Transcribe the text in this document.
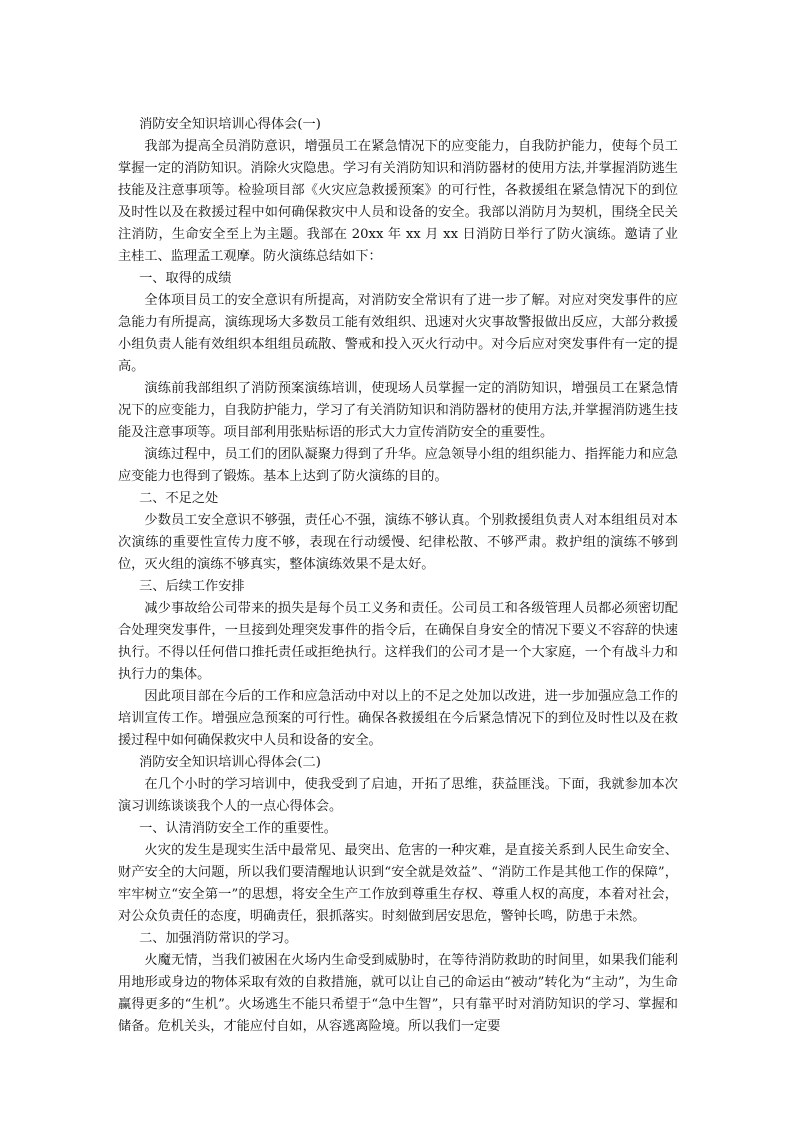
消防安全知识培训心得体会(一)

我部为提高全员消防意识，增强员工在紧急情况下的应变能力，自我防护能力，使每个员工掌握一定的消防知识。消除火灾隐患。学习有关消防知识和消防器材的使用方法,并掌握消防逃生技能及注意事项等。检验项目部《火灾应急救援预案》的可行性，各救援组在紧急情况下的到位及时性以及在救援过程中如何确保救灾中人员和设备的安全。我部以消防月为契机，围绕全民关注消防，生命安全至上为主题。我部在 20xx 年 xx 月 xx 日消防日举行了防火演练。邀请了业主桂工、监理孟工观摩。防火演练总结如下：

一、取得的成绩

全体项目员工的安全意识有所提高，对消防安全常识有了进一步了解。对应对突发事件的应急能力有所提高，演练现场大多数员工能有效组织、迅速对火灾事故警报做出反应，大部分救援小组负责人能有效组织本组组员疏散、警戒和投入灭火行动中。对今后应对突发事件有一定的提高。

演练前我部组织了消防预案演练培训，使现场人员掌握一定的消防知识，增强员工在紧急情况下的应变能力，自我防护能力，学习了有关消防知识和消防器材的使用方法,并掌握消防逃生技能及注意事项等。项目部利用张贴标语的形式大力宣传消防安全的重要性。

演练过程中，员工们的团队凝聚力得到了升华。应急领导小组的组织能力、指挥能力和应急应变能力也得到了锻炼。基本上达到了防火演练的目的。

二、不足之处

少数员工安全意识不够强，责任心不强，演练不够认真。个别救援组负责人对本组组员对本次演练的重要性宣传力度不够，表现在行动缓慢、纪律松散、不够严肃。救护组的演练不够到位，灭火组的演练不够真实，整体演练效果不是太好。

三、后续工作安排

减少事故给公司带来的损失是每个员工义务和责任。公司员工和各级管理人员都必须密切配合处理突发事件，一旦接到处理突发事件的指令后，在确保自身安全的情况下要义不容辞的快速执行。不得以任何借口推托责任或拒绝执行。这样我们的公司才是一个大家庭，一个有战斗力和执行力的集体。

因此项目部在今后的工作和应急活动中对以上的不足之处加以改进，进一步加强应急工作的培训宣传工作。增强应急预案的可行性。确保各救援组在今后紧急情况下的到位及时性以及在救援过程中如何确保救灾中人员和设备的安全。

消防安全知识培训心得体会(二)

在几个小时的学习培训中，使我受到了启迪，开拓了思维，获益匪浅。下面，我就参加本次演习训练谈谈我个人的一点心得体会。

一、认清消防安全工作的重要性。

火灾的发生是现实生活中最常见、最突出、危害的一种灾难，是直接关系到人民生命安全、财产安全的大问题，所以我们要清醒地认识到“安全就是效益”、“消防工作是其他工作的保障”，牢牢树立“安全第一”的思想，将安全生产工作放到尊重生存权、尊重人权的高度，本着对社会，对公众负责任的态度，明确责任，狠抓落实。时刻做到居安思危，警钟长鸣，防患于未然。

二、加强消防常识的学习。

火魔无情，当我们被困在火场内生命受到威胁时，在等待消防救助的时间里，如果我们能利用地形或身边的物体采取有效的自救措施，就可以让自己的命运由“被动”转化为“主动”，为生命赢得更多的“生机”。火场逃生不能只希望于“急中生智”，只有靠平时对消防知识的学习、掌握和储备。危机关头，才能应付自如，从容逃离险境。所以我们一定要
